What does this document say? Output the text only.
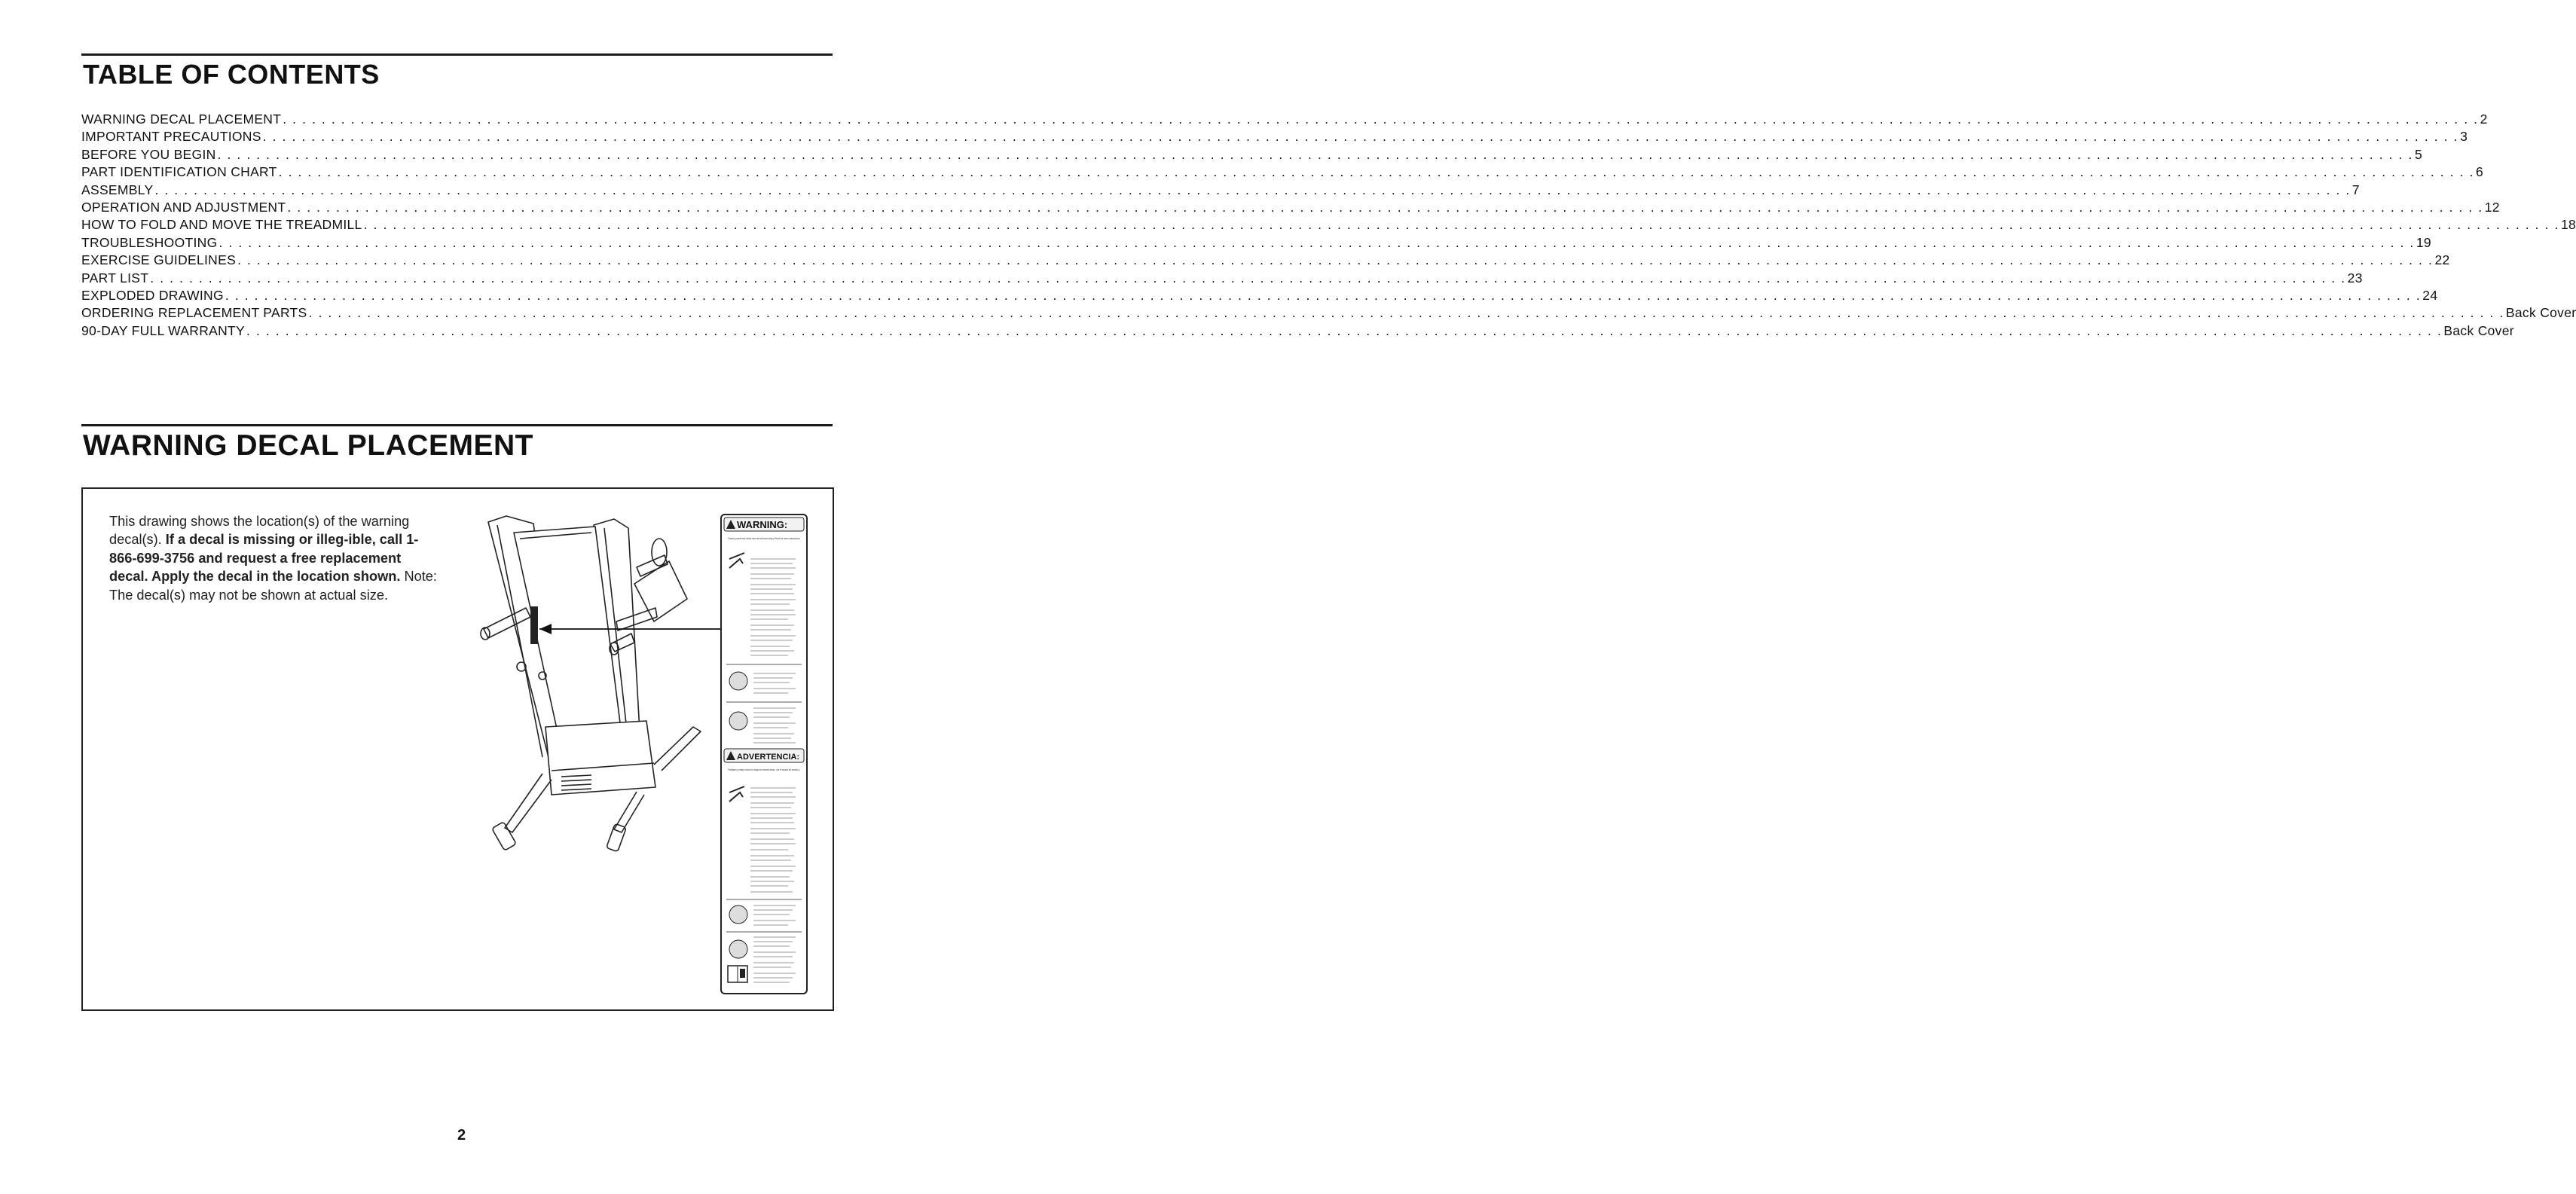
TABLE OF CONTENTS
WARNING DECAL PLACEMENT . . .	2
IMPORTANT PRECAUTIONS . . .	3
BEFORE YOU BEGIN . . .	5
PART IDENTIFICATION CHART . . .	6
ASSEMBLY . . .	7
OPERATION AND ADJUSTMENT . . .	12
HOW TO FOLD AND MOVE THE TREADMILL . . .	18
TROUBLESHOOTING . . .	19
EXERCISE GUIDELINES . . .	22
PART LIST . . .	23
EXPLODED DRAWING . . .	24
ORDERING REPLACEMENT PARTS . . .	Back Cover
90-DAY FULL WARRANTY . . .	Back Cover
WARNING DECAL PLACEMENT
This drawing shows the location(s) of the warning decal(s). If a decal is missing or illeg-ible, call 1-866-699-3756 and request a free replacement decal. Apply the decal in the location shown. Note: The decal(s) may not be shown at actual size.
WARNING:
Protect yourself and others from risk of serious injury. Read the user's manual and:
ADVERTENCIA:
Protéjase y proteja a otros de riesgo de lesiones serias. Lea el manual del usuario y:
2
